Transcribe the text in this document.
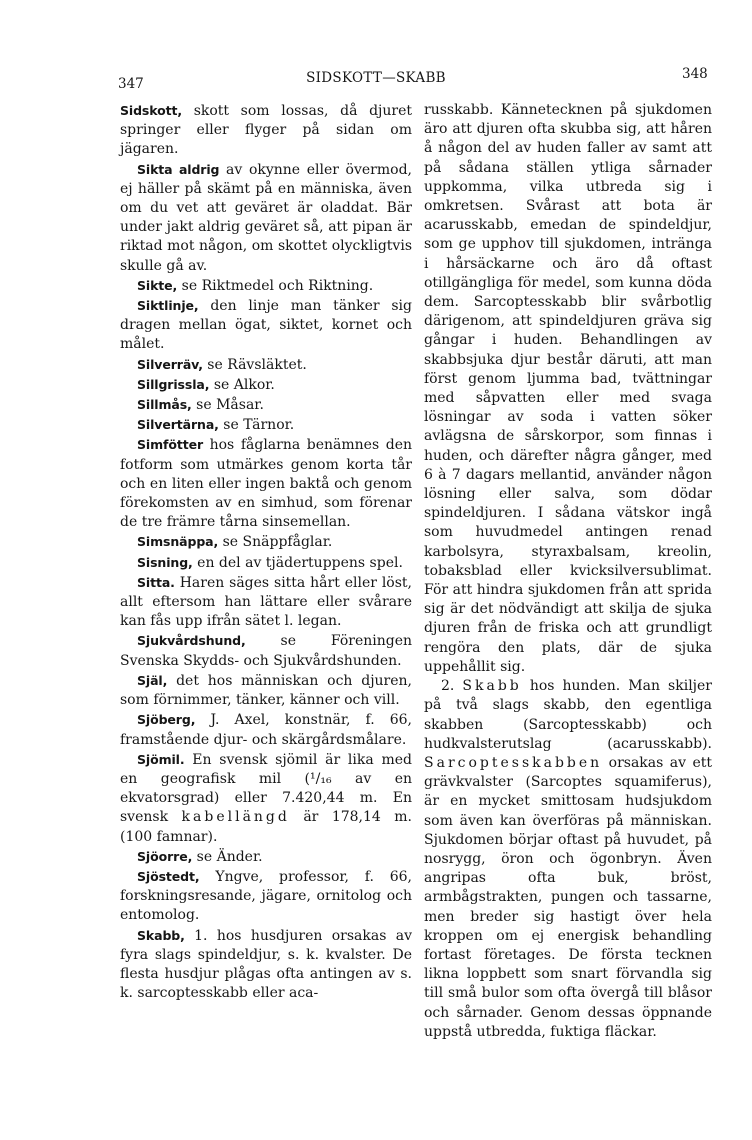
347	SIDSKOTT—SKABB	348

Sidskott, skott som lossas, då djuret springer eller flyger på sidan om jägaren.

Sikta aldrig av okynne eller övermod, ej häller på skämt på en människa, även om du vet att geväret är oladdat. Bär under jakt aldrig geväret så, att pipan är riktad mot någon, om skottet olyckligtvis skulle gå av.

Sikte, se Riktmedel och Riktning.

Siktlinje, den linje man tänker sig dragen mellan ögat, siktet, kornet och målet.

Silverräv, se Rävsläktet.

Sillgrissla, se Alkor.

Sillmås, se Måsar.

Silvertärna, se Tärnor.

Simfötter hos fåglarna benämnes den fotform som utmärkes genom korta tår och en liten eller ingen baktå och genom förekomsten av en simhud, som förenar de tre främre tårna sinsemellan.

Simsnäppa, se Snäppfåglar.

Sisning, en del av tjädertuppens spel.

Sitta. Haren säges sitta hårt eller löst, allt eftersom han lättare eller svårare kan fås upp ifrån sätet l. legan.

Sjukvårdshund, se Föreningen Svenska Skydds- och Sjukvårdshunden.

Själ, det hos människan och djuren, som förnimmer, tänker, känner och vill.

Sjöberg, J. Axel, konstnär, f. 66, framstående djur- och skärgårdsmålare.

Sjömil. En svensk sjömil är lika med en geografisk mil (¹/₁₆ av en ekvatorsgrad) eller 7.420,44 m. En svensk kabellängd är 178,14 m. (100 famnar).

Sjöorre, se Änder.

Sjöstedt, Yngve, professor, f. 66, forskningsresande, jägare, ornitolog och entomolog.

Skabb, 1. hos husdjuren orsakas av fyra slags spindeldjur, s. k. kvalster. De flesta husdjur plågas ofta antingen av s. k. sarcoptesskabb eller aca-

russkabb. Kännetecknen på sjukdomen äro att djuren ofta skubba sig, att håren å någon del av huden faller av samt att på sådana ställen ytliga sårnader uppkomma, vilka utbreda sig i omkretsen. Svårast att bota är acarusskabb, emedan de spindeldjur, som ge upphov till sjukdomen, intränga i hårsäckarne och äro då oftast otillgängliga för medel, som kunna döda dem. Sarcoptesskabb blir svårbotlig därigenom, att spindeldjuren gräva sig gångar i huden. Behandlingen av skabbsjuka djur består däruti, att man först genom ljumma bad, tvättningar med såpvatten eller med svaga lösningar av soda i vatten söker avlägsna de sårskorpor, som finnas i huden, och därefter några gånger, med 6 à 7 dagars mellantid, använder någon lösning eller salva, som dödar spindeldjuren. I sådana vätskor ingå som huvudmedel antingen renad karbolsyra, styraxbalsam, kreolin, tobaksblad eller kvicksilversublimat. För att hindra sjukdomen från att sprida sig är det nödvändigt att skilja de sjuka djuren från de friska och att grundligt rengöra den plats, där de sjuka uppehållit sig.

2. Skabb hos hunden. Man skiljer på två slags skabb, den egentliga skabben (Sarcoptesskabb) och hudkvalsterutslag (acarusskabb). Sarcoptesskabben orsakas av ett grävkvalster (Sarcoptes squamiferus), är en mycket smittosam hudsjukdom som även kan överföras på människan. Sjukdomen börjar oftast på huvudet, på nosrygg, öron och ögonbryn. Även angripas ofta buk, bröst, armbågstrakten, pungen och tassarne, men breder sig hastigt över hela kroppen om ej energisk behandling fortast företages. De första tecknen likna loppbett som snart förvandla sig till små bulor som ofta övergå till blåsor och sårnader. Genom dessas öppnande uppstå utbredda, fuktiga fläckar.
